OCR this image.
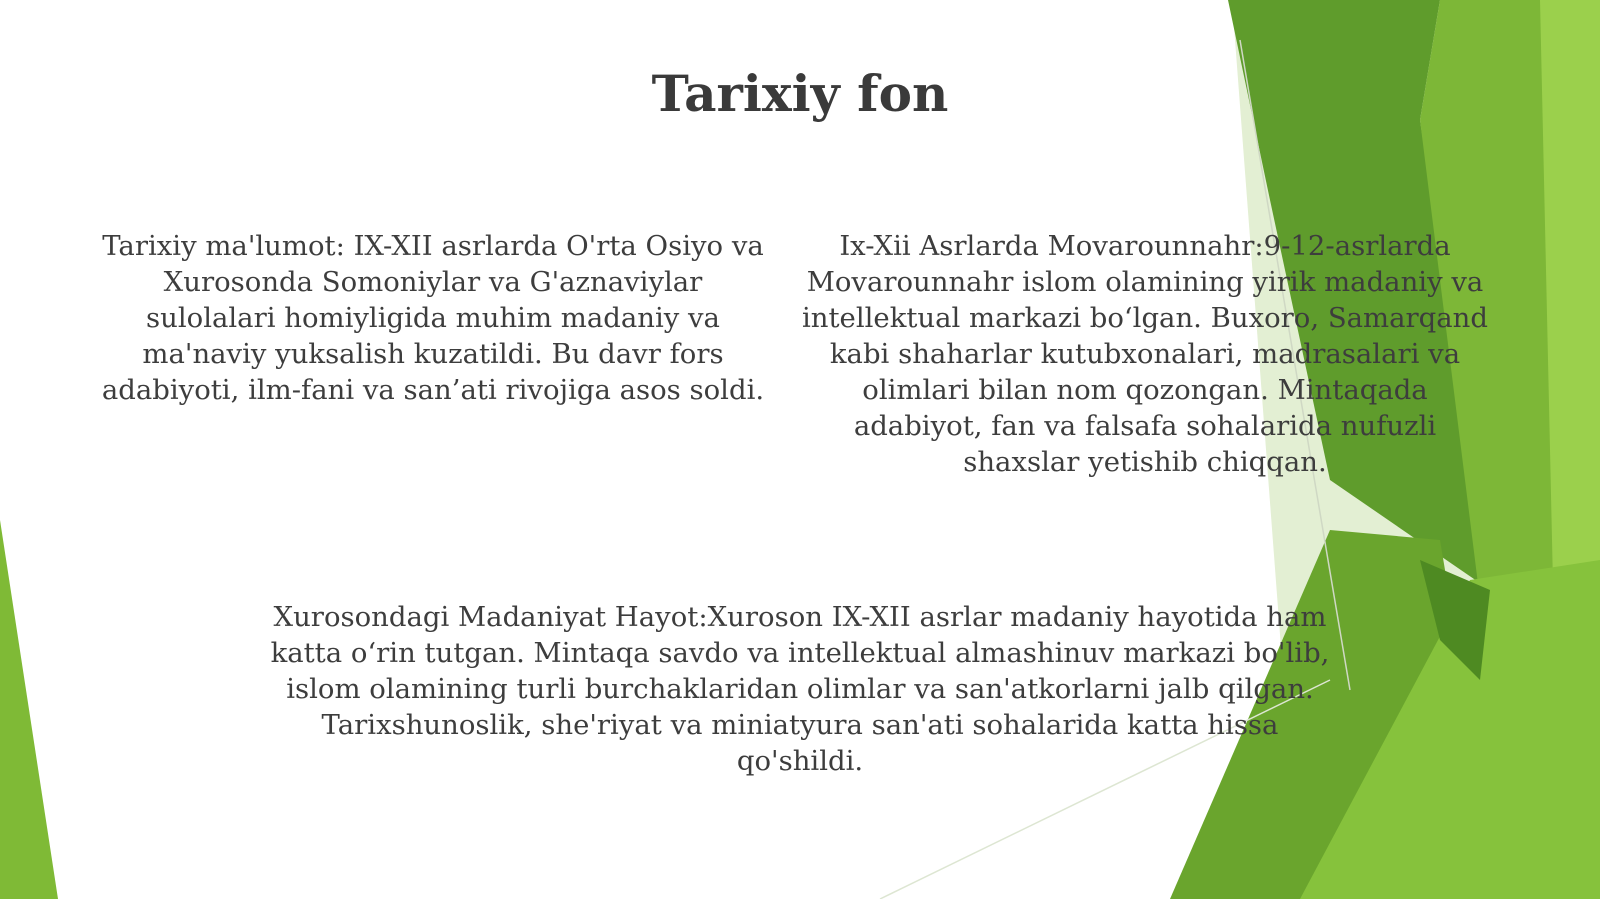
Tarixiy fon

Tarixiy ma'lumot: IX-XII asrlarda O'rta Osiyo va Xurosonda Somoniylar va G'aznaviylar sulolalari homiyligida muhim madaniy va ma'naviy yuksalish kuzatildi. Bu davr fors adabiyoti, ilm-fani va san’ati rivojiga asos soldi.

Ix-Xii Asrlarda Movarounnahr:9-12-asrlarda Movarounnahr islom olamining yirik madaniy va intellektual markazi bo‘lgan. Buxoro, Samarqand kabi shaharlar kutubxonalari, madrasalari va olimlari bilan nom qozongan. Mintaqada adabiyot, fan va falsafa sohalarida nufuzli shaxslar yetishib chiqqan.

Xurosondagi Madaniyat Hayot:Xuroson IX-XII asrlar madaniy hayotida ham katta o‘rin tutgan. Mintaqa savdo va intellektual almashinuv markazi bo'lib, islom olamining turli burchaklaridan olimlar va san'atkorlarni jalb qilgan. Tarixshunoslik, she'riyat va miniatyura san'ati sohalarida katta hissa qo'shildi.
